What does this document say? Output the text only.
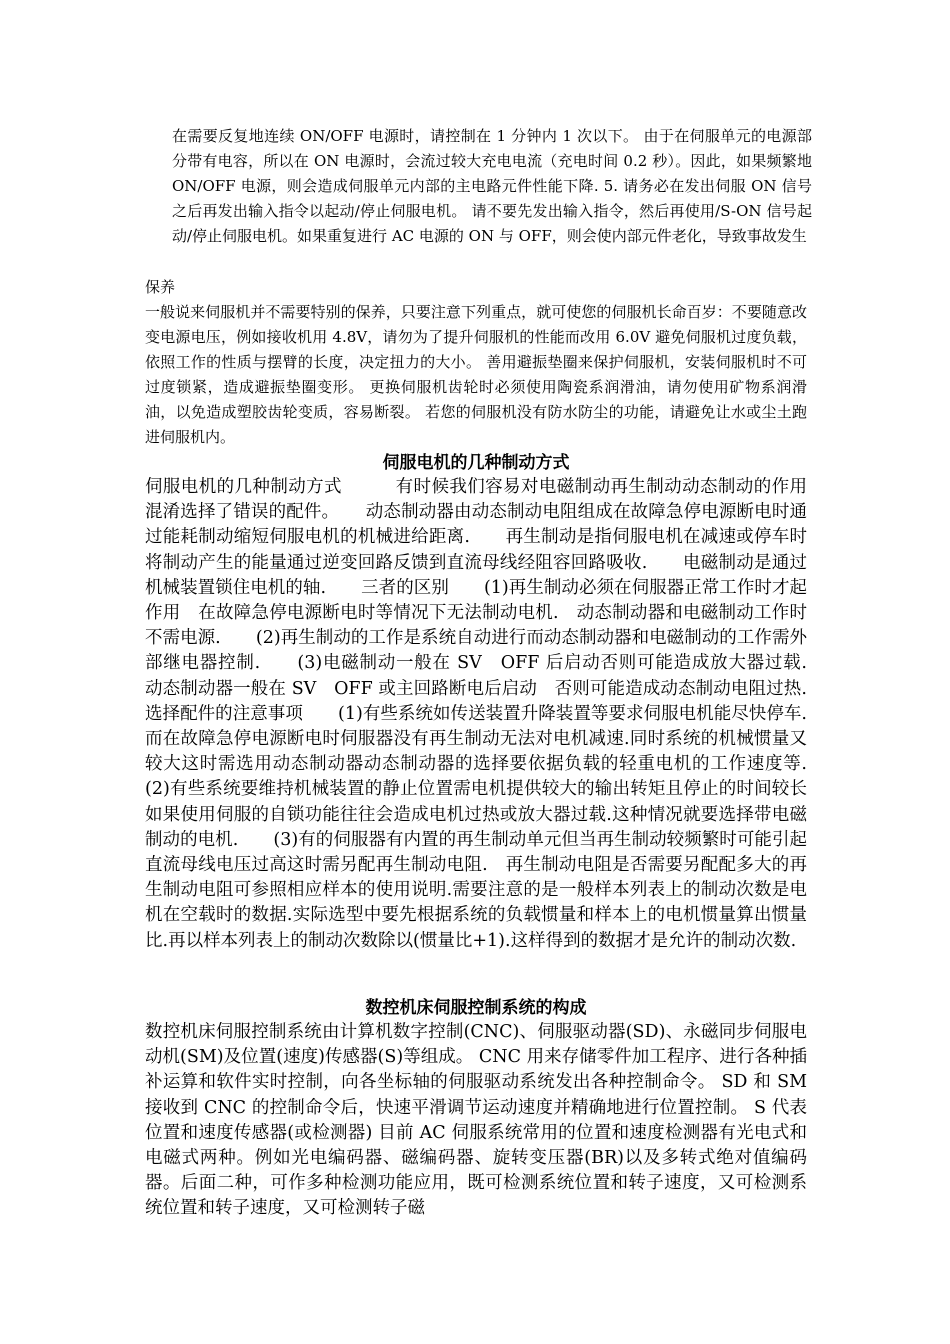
在需要反复地连续 ON/OFF 电源时，请控制在 1 分钟内 1 次以下。 由于在伺服单元的电源部分带有电容，所以在 ON 电源时，会流过较大充电电流（充电时间 0.2 秒）。因此，如果频繁地 ON/OFF 电源，则会造成伺服单元内部的主电路元件性能下降. 5. 请务必在发出伺服 ON 信号之后再发出输入指令以起动/停止伺服电机。 请不要先发出输入指令，然后再使用/S-ON 信号起动/停止伺服电机。如果重复进行 AC 电源的 ON 与 OFF，则会使内部元件老化，导致事故发生

保养

一般说来伺服机并不需要特别的保养，只要注意下列重点，就可使您的伺服机长命百岁：不要随意改变电源电压，例如接收机用 4.8V，请勿为了提升伺服机的性能而改用 6.0V 避免伺服机过度负载，依照工作的性质与摆臂的长度，决定扭力的大小。 善用避振垫圈来保护伺服机，安装伺服机时不可过度锁紧，造成避振垫圈变形。 更换伺服机齿轮时必须使用陶瓷系润滑油，请勿使用矿物系润滑油，以免造成塑胶齿轮变质，容易断裂。 若您的伺服机没有防水防尘的功能，请避免让水或尘土跑进伺服机内。

伺服电机的几种制动方式

伺服电机的几种制动方式　　　有时候我们容易对电磁制动再生制动动态制动的作用混淆选择了错误的配件。　　动态制动器由动态制动电阻组成在故障急停电源断电时通过能耗制动缩短伺服电机的机械进给距离.　　再生制动是指伺服电机在减速或停车时将制动产生的能量通过逆变回路反馈到直流母线经阻容回路吸收.　　电磁制动是通过机械装置锁住电机的轴.　　三者的区别　　(1)再生制动必须在伺服器正常工作时才起作用　在故障急停电源断电时等情况下无法制动电机.　动态制动器和电磁制动工作时不需电源.　　(2)再生制动的工作是系统自动进行而动态制动器和电磁制动的工作需外部继电器控制.　　(3)电磁制动一般在 SV　OFF 后启动否则可能造成放大器过载.　动态制动器一般在 SV　OFF 或主回路断电后启动　否则可能造成动态制动电阻过热.　　选择配件的注意事项　　(1)有些系统如传送装置升降装置等要求伺服电机能尽快停车.而在故障急停电源断电时伺服器没有再生制动无法对电机减速.同时系统的机械惯量又较大这时需选用动态制动器动态制动器的选择要依据负载的轻重电机的工作速度等.　　(2)有些系统要维持机械装置的静止位置需电机提供较大的输出转矩且停止的时间较长如果使用伺服的自锁功能往往会造成电机过热或放大器过载.这种情况就要选择带电磁制动的电机.　　(3)有的伺服器有内置的再生制动单元但当再生制动较频繁时可能引起直流母线电压过高这时需另配再生制动电阻.　再生制动电阻是否需要另配配多大的再生制动电阻可参照相应样本的使用说明.需要注意的是一般样本列表上的制动次数是电机在空载时的数据.实际选型中要先根据系统的负载惯量和样本上的电机惯量算出惯量比.再以样本列表上的制动次数除以(惯量比+1).这样得到的数据才是允许的制动次数.

数控机床伺服控制系统的构成

数控机床伺服控制系统由计算机数字控制(CNC)、伺服驱动器(SD)、永磁同步伺服电动机(SM)及位置(速度)传感器(S)等组成。 CNC 用来存储零件加工程序、进行各种插补运算和软件实时控制，向各坐标轴的伺服驱动系统发出各种控制命令。 SD 和 SM 接收到 CNC 的控制命令后，快速平滑调节运动速度并精确地进行位置控制。 S 代表位置和速度传感器(或检测器) 目前 AC 伺服系统常用的位置和速度检测器有光电式和电磁式两种。例如光电编码器、磁编码器、旋转变压器(BR)以及多转式绝对值编码器。后面二种，可作多种检测功能应用，既可检测系统位置和转子速度，又可检测系统位置和转子速度，又可检测转子磁
